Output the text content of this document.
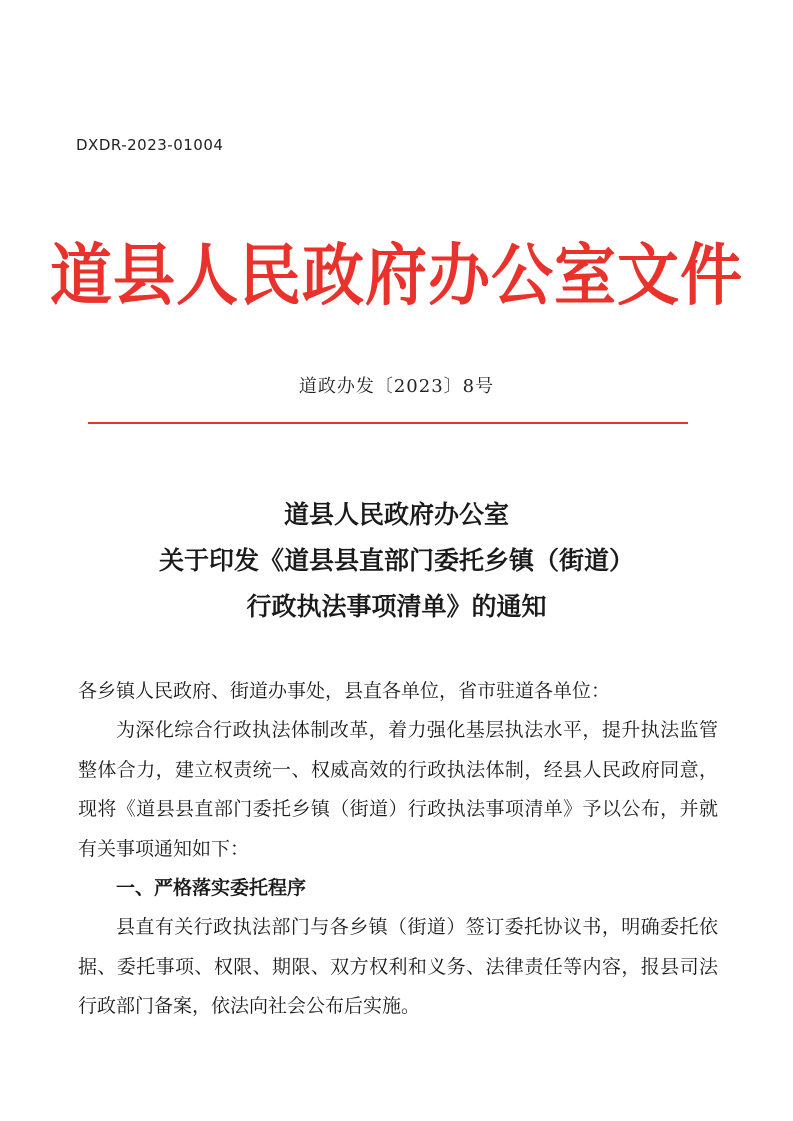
DXDR-2023-01004
道县人民政府办公室文件
道政办发〔2023〕8号
道县人民政府办公室
关于印发《道县县直部门委托乡镇（街道）
行政执法事项清单》的通知

各乡镇人民政府、街道办事处，县直各单位，省市驻道各单位：

为深化综合行政执法体制改革，着力强化基层执法水平，提升执法监管整体合力，建立权责统一、权威高效的行政执法体制，经县人民政府同意，现将《道县县直部门委托乡镇（街道）行政执法事项清单》予以公布，并就有关事项通知如下：

一、严格落实委托程序

县直有关行政执法部门与各乡镇（街道）签订委托协议书，明确委托依据、委托事项、权限、期限、双方权利和义务、法律责任等内容，报县司法行政部门备案，依法向社会公布后实施。
